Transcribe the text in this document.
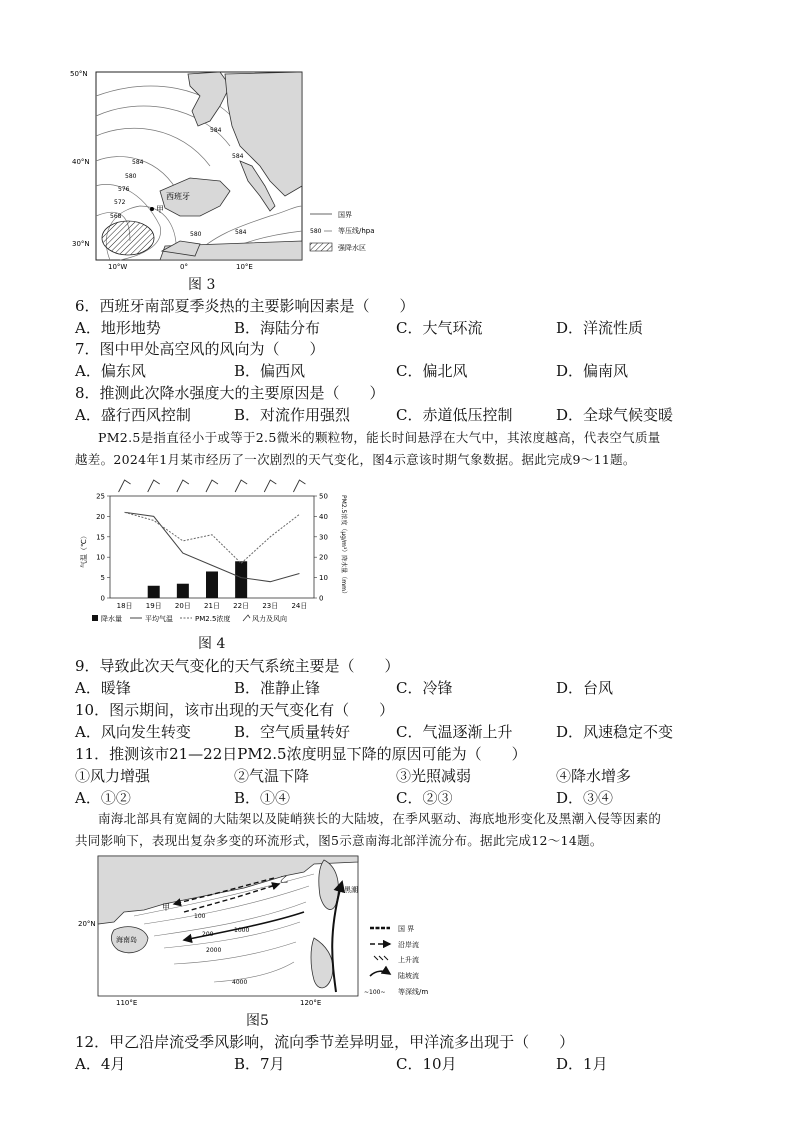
50°N
40°N
30°N
10°W	0°	10°E
西班牙
甲
584
580
576
572
568
584
584
580	584
国界
580 等压线/hpa
强降水区
图 3
6．西班牙南部夏季炎热的主要影响因素是（　　）
A．地形地势	B．海陆分布	C．大气环流	D．洋流性质
7．图中甲处高空风的风向为（　　）
A．偏东风	B．偏西风	C．偏北风	D．偏南风
8．推测此次降水强度大的主要原因是（　　）
A．盛行西风控制	B．对流作用强烈	C．赤道低压控制	D．全球气候变暖
PM2.5是指直径小于或等于2.5微米的颗粒物，能长时间悬浮在大气中，其浓度越高，代表空气质量
越差。2024年1月某市经历了一次剧烈的天气变化，图4示意该时期气象数据。据此完成9～11题。
25
20
15
10
5
0
50
40
30
20
10
0
18日 19日 20日 21日 22日 23日 24日
气温（℃）	PM2.5浓度（μg/m³）降水量（mm）
降水量	平均气温	PM2.5浓度	风力及风向
图 4
9．导致此次天气变化的天气系统主要是（　　）
A．暖锋	B．准静止锋	C．冷锋	D．台风
10．图示期间，该市出现的天气变化有（　　）
A．风向发生转变	B．空气质量转好	C．气温逐渐上升	D．风速稳定不变
11．推测该市21—22日PM2.5浓度明显下降的原因可能为（　　）
①风力增强	②气温下降	③光照减弱	④降水增多
A．①②	B．①④	C．②③	D．③④
南海北部具有宽阔的大陆架以及陡峭狭长的大陆坡，在季风驱动、海底地形变化及黑潮入侵等因素的
共同影响下，表现出复杂多变的环流形式，图5示意南海北部洋流分布。据此完成12～14题。
20°N
110°E	120°E
海南岛
甲
乙
黑潮
100
200
1000
2000
4000
国 界
沿岸流
上升流
陆坡流
~100~ 等深线/m
图5
12．甲乙沿岸流受季风影响，流向季节差异明显，甲洋流多出现于（　　）
A．4月	B．7月	C．10月	D．1月
